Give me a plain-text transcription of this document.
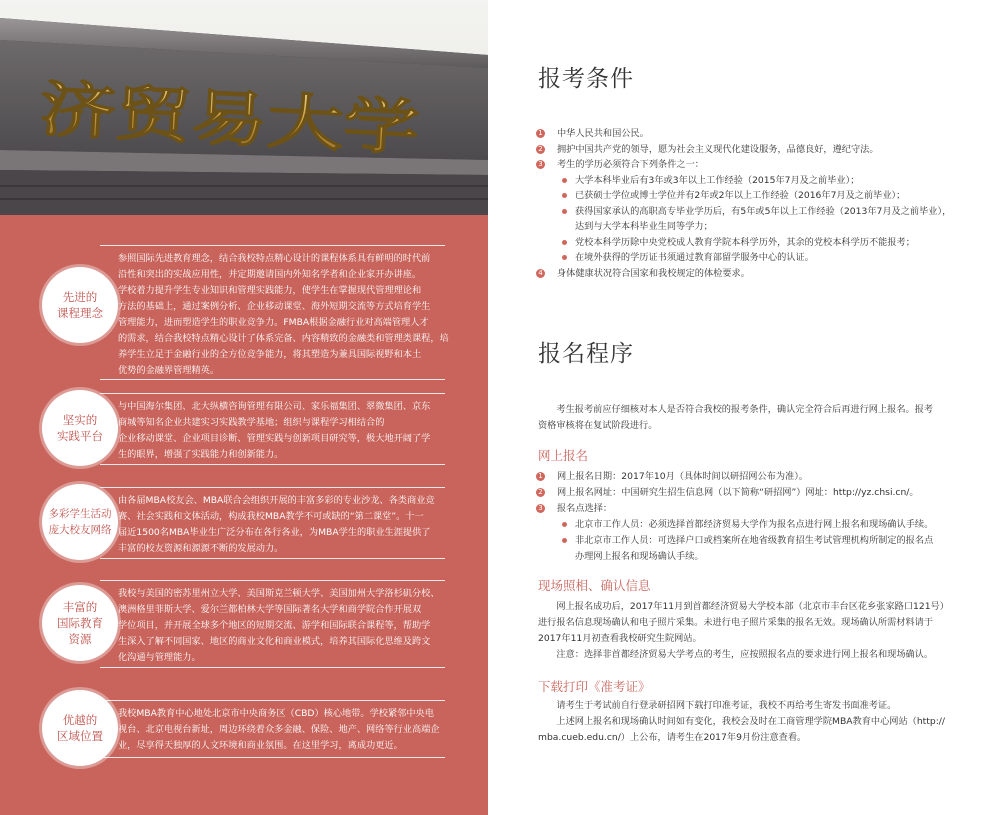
济贸易大学
参照国际先进教育理念，结合我校特点精心设计的课程体系具有鲜明的时代前
沿性和突出的实战应用性，并定期邀请国内外知名学者和企业家开办讲座。
学校着力提升学生专业知识和管理实践能力，使学生在掌握现代管理理论和
方法的基础上，通过案例分析、企业移动课堂、海外短期交流等方式培育学生
管理能力，进而塑造学生的职业竞争力。FMBA根据金融行业对高端管理人才
的需求，结合我校特点精心设计了体系完备、内容精致的金融类和管理类课程，培
养学生立足于金融行业的全方位竞争能力，将其塑造为兼具国际视野和本土
优势的金融界管理精英。
先进的
课程理念
与中国海尔集团、北大纵横咨询管理有限公司、家乐福集团、翠微集团、京东
商城等知名企业共建实习实践教学基地；组织与课程学习相结合的
企业移动课堂、企业项目诊断、管理实践与创新项目研究等，极大地开阔了学
生的眼界，增强了实践能力和创新能力。
坚实的
实践平台
由各届MBA校友会、MBA联合会组织开展的丰富多彩的专业沙龙、各类商业竞
赛、社会实践和文体活动，构成我校MBA教学不可或缺的“第二课堂”。十一
届近1500名MBA毕业生广泛分布在各行各业，为MBA学生的职业生涯提供了
丰富的校友资源和源源不断的发展动力。
多彩学生活动
庞大校友网络
我校与美国的密苏里州立大学、美国斯克兰顿大学、美国加州大学洛杉矶分校、
澳洲格里菲斯大学、爱尔兰都柏林大学等国际著名大学和商学院合作开展双
学位项目，并开展全球多个地区的短期交流、游学和国际联合课程等，帮助学
生深入了解不同国家、地区的商业文化和商业模式，培养其国际化思维及跨文
化沟通与管理能力。
丰富的
国际教育
资源
我校MBA教育中心地处北京市中央商务区（CBD）核心地带。学校紧邻中央电
视台、北京电视台新址，周边环绕着众多金融、保险、地产、网络等行业高端企
业，尽享得天独厚的人文环境和商业氛围。在这里学习，离成功更近。
优越的
区域位置
报考条件
1 中华人民共和国公民。
2 拥护中国共产党的领导，愿为社会主义现代化建设服务，品德良好，遵纪守法。
3 考生的学历必须符合下列条件之一：
大学本科毕业后有3年或3年以上工作经验（2015年7月及之前毕业）；
已获硕士学位或博士学位并有2年或2年以上工作经验（2016年7月及之前毕业）；
获得国家承认的高职高专毕业学历后，有5年或5年以上工作经验（2013年7月及之前毕业），
达到与大学本科毕业生同等学力；
党校本科学历除中央党校成人教育学院本科学历外，其余的党校本科学历不能报考；
在境外获得的学历证书须通过教育部留学服务中心的认证。
4 身体健康状况符合国家和我校规定的体检要求。
报名程序
考生报考前应仔细核对本人是否符合我校的报考条件，确认完全符合后再进行网上报名。报考
资格审核将在复试阶段进行。
网上报名
1 网上报名日期：2017年10月（具体时间以研招网公布为准）。
2 网上报名网址：中国研究生招生信息网（以下简称“研招网”）网址：http://yz.chsi.cn/。
3 报名点选择：
北京市工作人员：必须选择首都经济贸易大学作为报名点进行网上报名和现场确认手续。
非北京市工作人员：可选择户口或档案所在地省级教育招生考试管理机构所制定的报名点
办理网上报名和现场确认手续。
现场照相、确认信息
网上报名成功后，2017年11月到首都经济贸易大学校本部（北京市丰台区花乡张家路口121号）
进行报名信息现场确认和电子照片采集。未进行电子照片采集的报名无效。现场确认所需材料请于
2017年11月初查看我校研究生院网站。
注意：选择非首都经济贸易大学考点的考生，应按照报名点的要求进行网上报名和现场确认。
下载打印《准考证》
请考生于考试前自行登录研招网下载打印准考证，我校不再给考生寄发书面准考证。
上述网上报名和现场确认时间如有变化，我校会及时在工商管理学院MBA教育中心网站（http://
mba.cueb.edu.cn/）上公布，请考生在2017年9月份注意查看。
